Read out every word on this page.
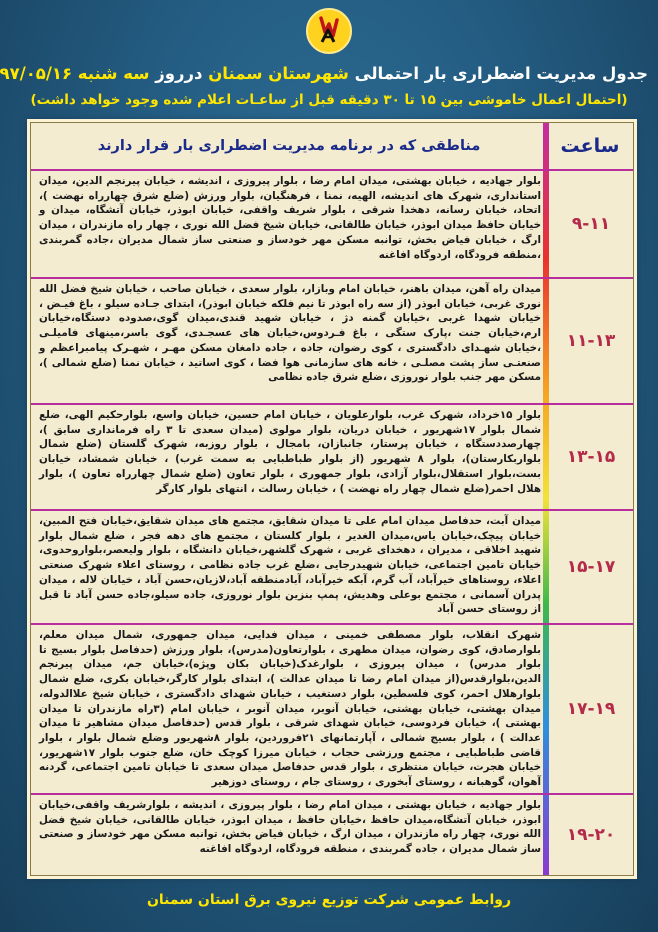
جدول مدیریت اضطراری بار احتمالی شهرستان سمنان درروز سه شنبه ۹۷/۰۵/۱۶
(احتمال اعمال خاموشی بین ۱۵ تا ۳۰ دقیقه قبل از ساعـات اعلام شده وجود خواهد داشت)
ساعت
مناطقی که در برنامه مدیریت اضطراری بار قرار دارند
۹-۱۱
بلوار جهادیه ، خیابان بهشتی، میدان امام رضا ، بلوار پیروزی ، اندیشه ، خیابان پیرنجم الدین، میدان استانداری، شهرک های اندیشه، الهیه، نمنا ، فرهنگیان، بلوار ورزش (ضلع شرق چهارراه نهضت )، اتحاد، خیابان رسانه، دهخدا شرقی ، بلوار شریف واقفی، خیابان ابوذر، خیابان آتشگاه، میدان و خیابان حافظ میدان ابوذر، خیابان طالقانی، خیابان شیخ فضل الله نوری ، چهار راه مازندران ، میدان ارگ ، خیابان فیاض بخش، توانبه مسکن مهر خودساز و صنعتی ساز شمال مدیران ،جاده گمربندی ،منطقه فرودگاه، اردوگاه افاغنه
۱۱-۱۳
میدان راه آهن، میدان باهنر، خیابان امام وبازار، بلوار سعدی ، خیابان صاحب ، خیابان شیخ فضل الله نوری غربی، خیابان ابوذر (از سه راه ابوذر تا نیم فلکه خیابان ابوذر)، ابتدای جـاده سیلو ، باغ فیـض ، خیابان شهدا غربی ،خیابان گمنه دژ ، خیابان شهید قندی،میدان گوی،صدوده دستگاه،خیابان ارم،خیابان جنت ،پارک ستگی ، باغ فـردوس،خیابان های عسجـدی، گوی باسر،مینهای فامیلـی ،خیابان شهـدای دادگستری ، کوی رضوان، جاده ، جاده دامغان مسکن مهـر ، شهـرک پیامبراعظم و صنعتـی ساز پشت مصلـی ، خانه های سازمانی هوا فضا ، کوی اساتید ، خیابان نمنا (ضلع شمالی )، مسکن مهر جنب بلوار نوروزی ،ضلع شرق جاده نظامی
۱۳-۱۵
بلوار ۱۵خرداد، شهرک غرب، بلوارعلویان ، خیابان امام حسین، خیابان واسع، بلوارحکیم الهی، ضلع شمال بلوار ۱۷شهریور ، خیابان دریان، بلوار مولوی (میدان سعدی تا ۳ راه فرمانداری سابق )، چهارصددستگاه ، خیابان پرستار، جانبازان، بامجال ، بلوار روزبه، شهرک گلستان (ضلع شمال بلواربکارستان)، بلوار ۸ شهریور (از بلوار طباطبایی به سمت غرب) ، خیابان شمشاد، خیابان بست،بلوار استقلال،بلوار آزادی، بلوار جمهوری ، بلوار تعاون (ضلع شمال چهارراه تعاون )، بلوار هلال احمر(ضلع شمال چهار راه نهضت ) ، خیابان رسالت ، انتهای بلوار کارگر
۱۵-۱۷
میدان آبت، حدفاصل میدان امام علی تا میدان شقایق، مجتمع های میدان شقایق،خیابان فتح المبین، خیابان پیچک،خیابان یاس،میدان الغدیر ، بلوار کلستان ، مجتمع های دهه فجر ، ضلع شمال بلوار شهید اخلاقی ، مدیران ، دهخدای غربی ، شهرک گلشهر،خیابان دانشگاه ، بلوار ولیعصر،بلواروحدوی، خیابان تامین اجتماعی، خیابان شهیدرجایی ،ضلع غرب جاده نظامی ، روستای اعلاء شهرک صنعتی اعلاء، روستاهای خیرآباد، آب گرم، آبکه خیرآباد، آبادمنطقه آباد،لازیان،حسن آباد ، خیابان لاله ، میدان پدران آسمانی ، مجتمع بوعلی وهدیش، پمپ بنزین بلوار نوروزی، جاده سیلو،جاده حسن آباد تا قبل از روستای حسن آباد
۱۷-۱۹
شهرک انقلاب، بلوار مصطفی خمینی ، میدان فدایی، میدان جمهوری، شمال میدان معلم، بلوارصادق، کوی رضوان، میدان مطهری ، بلوارتعاون(مدرس)، بلوار ورزش (حدفاصل بلوار بسیج تا بلوار مدرس) ، میدان پیروزی ، بلوارغدک(خیابان بکان وپژه)،خیابان جم، میدان پیرنجم الدین،بلوارقدس(از میدان امام رضا تا میدان عدالت )، ابتدای بلوار کارگر،خیابان بکری، ضلع شمال بلوارهلال احمر، کوی فلسطین، بلوار دستغیب ، خیابان شهدای دادگستری ، خیابان شیخ علاالدوله، میدان بهشتی، خیابان بهشتی، خیابان آنوبر، میدان آنوبر ، خیابان امام (۳راه مازندران تا میدان بهشتی )، خیابان فردوسی، خیابان شهدای شرقی ، بلوار قدس (حدفاصل میدان مشاهیر تا میدان عدالت ) ، بلوار بسیج شمالی ، آپارتمانهای ۲۱فروردین، بلوار ۸شهریور وضلع شمال بلوار ، بلوار قاضی طباطبایی ، مجتمع ورزشی حجاب ، خیابان میرزا کوچک خان، ضلع جنوب بلوار ۱۷شهریور، خیابان هجرت، خیابان منتظری ، بلوار قدس حدفاصل میدان سعدی تا خیابان تامین اجتماعی، گردنه آهوان، گوهبانه ، روستای آبخوری ، روستای جام ، روستای دوزهیر
۱۹-۲۰
بلوار جهادیه ، خیابان بهشتی ، میدان امام رضا ، بلوار پیروزی ، اندیشه ، بلوارشریف واقفی،خیابان ابوذر، خیابان آتشگاه،میدان حافظ ،خیابان حافظ ، میدان ابوذر، خیابان طالقانی، خیابان شیخ فضل الله نوری، چهار راه مازندران ، میدان ارگ ، خیابان فیاض بخش، توانبه مسکن مهر خودساز و صنعتی ساز شمال مدیران ، جاده گمربندی ، منطقه فرودگاه، اردوگاه افاغنه
روابط عمومی شرکت توزیع نیروی برق استان سمنان
